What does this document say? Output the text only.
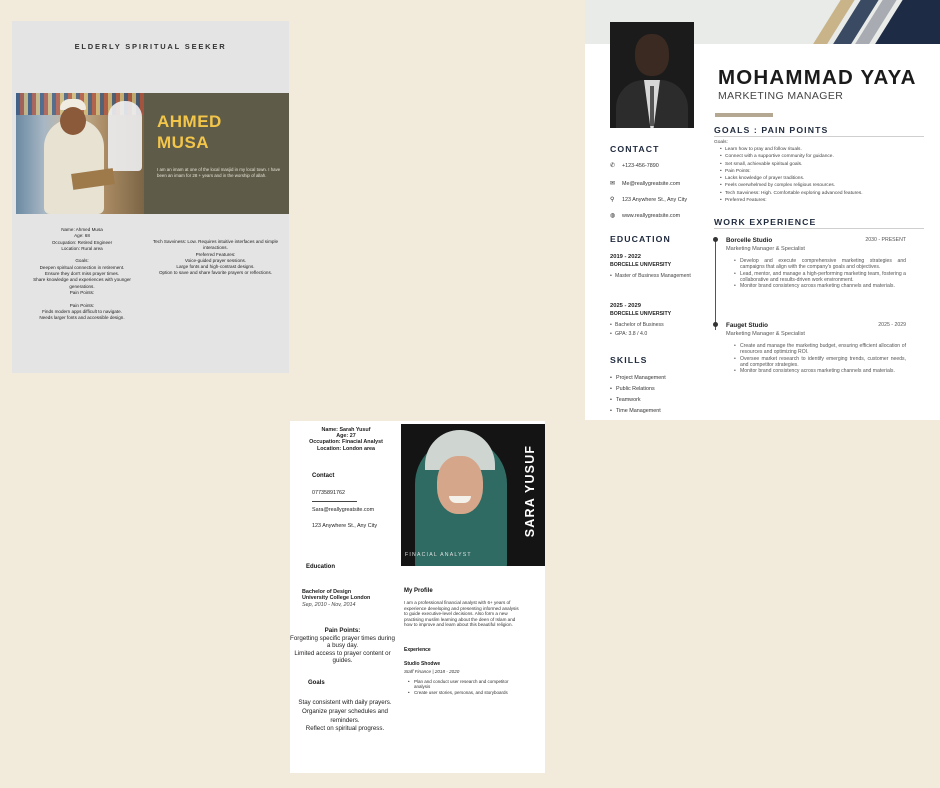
ELDERLY SPIRITUAL SEEKER
AHMED
MUSA
I am an imam at one of the local masjid in my local town. I have been an imam for 28 + years and in the worship of allah.
Name: Ahmed Musa
Age: 68
Occupation: Retired Engineer
Location: Rural area

Goals:
Deepen spiritual connection in retirement.
Ensure they don't miss prayer times.
Share knowledge and experiences with younger generations.
Pain Points:

Pain Points:
Finds modern apps difficult to navigate.
Needs larger fonts and accessible design.
Tech Savviness: Low. Requires intuitive interfaces and simple interactions.
Preferred Features:
Voice-guided prayer sessions.
Large fonts and high-contrast designs.
Option to save and share favorite prayers or reflections.
MOHAMMAD YAYA
MARKETING MANAGER
GOALS : PAIN POINTS
Goals:
• Learn how to pray and follow rituals.
• Connect with a supportive community for guidance.
• Set small, achievable spiritual goals.
• Pain Points:
• Lacks knowledge of prayer traditions.
• Feels overwhelmed by complex religious resources.
• Tech Savviness: High. Comfortable exploring advanced features.
• Preferred Features:
WORK EXPERIENCE
Borcelle Studio	2030 - PRESENT
Marketing Manager & Specialist
• Develop and execute comprehensive marketing strategies and campaigns that align with the company's goals and objectives.
• Lead, mentor, and manage a high-performing marketing team, fostering a collaborative and results-driven work environment.
• Monitor brand consistency across marketing channels and materials.
Fauget Studio	2025 - 2029
Marketing Manager & Specialist
• Create and manage the marketing budget, ensuring efficient allocation of resources and optimizing ROI.
• Oversee market research to identify emerging trends, customer needs, and competitor strategies.
• Monitor brand consistency across marketing channels and materials.
CONTACT
✆ +123-456-7890
✉ Me@reallygreatsite.com
⚲ 123 Anywhere St., Any City
◍ www.reallygreatsite.com
EDUCATION
2019 - 2022
BORCELLE UNIVERSITY
• Master of Business Management
2025 - 2029
BORCELLE UNIVERSITY
• Bachelor of Business
• GPA: 3.8 / 4.0
SKILLS
• Project Management
• Public Relations
• Teamwork
• Time Management
SARA YUSUF
FINACIAL ANALYST
Name: Sarah Yusuf
Age: 27
Occupation: Finacial Analyst
Location: London area
Contact
07735891762
Sara@reallygreatsite.com
123 Anywhere St., Any City
Education
Bachelor of Design
University College London
Sep, 2010 - Nov, 2014
Pain Points:
Forgetting specific prayer times during a busy day.
Limited access to prayer content or guides.
Goals
Stay consistent with daily prayers.
Organize prayer schedules and reminders.
Reflect on spiritual progress.
My Profile
I am a professional financial analyst with 6+ years of experience developing and presenting informed analysis to guide executive-level decisions. Also form a new practising muslim learning about the deen of Islam and how to improve and learn about this beautiful religion.
Experience
Studio Shodwe
Staff Finance | 2018 - 2020
• Plan and conduct user research and competitor analysis
• Create user stories, personas, and storyboards
